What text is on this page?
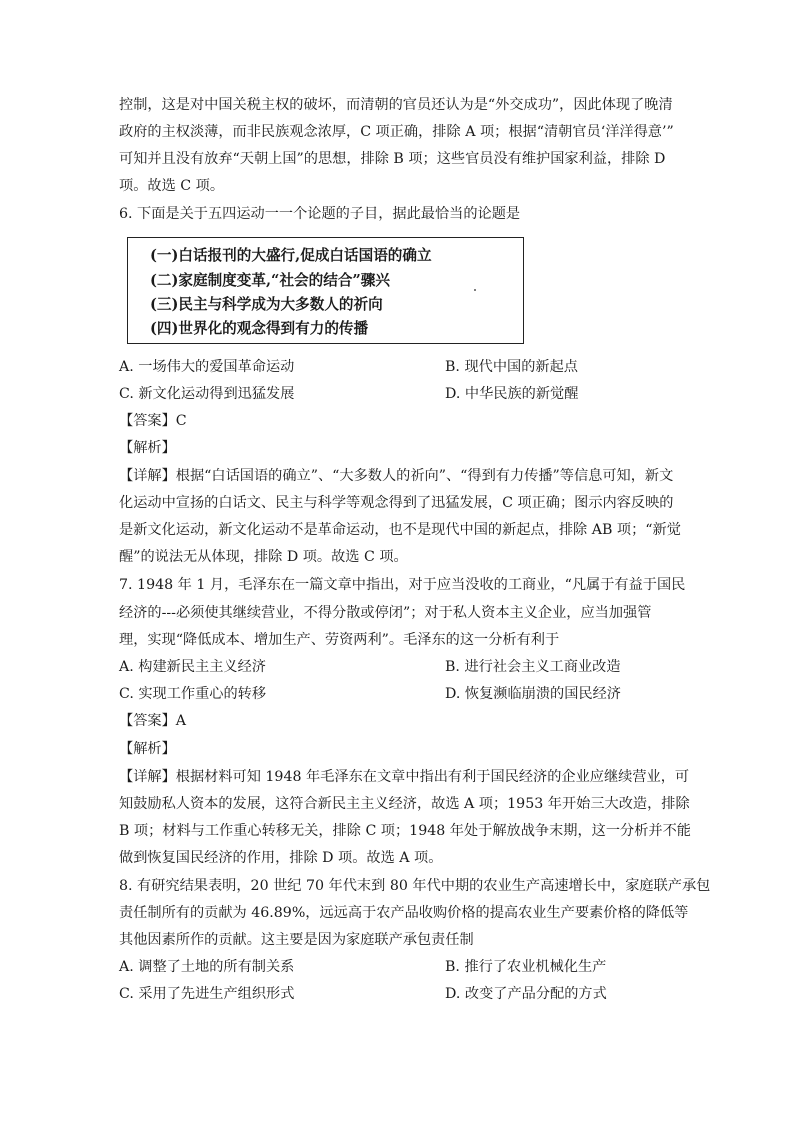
控制，这是对中国关税主权的破坏，而清朝的官员还认为是“外交成功”，因此体现了晚清
政府的主权淡薄，而非民族观念浓厚，C 项正确，排除 A 项；根据“清朝官员‘洋洋得意’”
可知并且没有放弃“天朝上国”的思想，排除 B 项；这些官员没有维护国家利益，排除 D
项。故选 C 项。
6. 下面是关于五四运动一一个论题的子目，据此最恰当的论题是
(一)白话报刊的大盛行,促成白话国语的确立
(二)家庭制度变革,“社会的结合”骤兴
(三)民主与科学成为大多数人的祈向
(四)世界化的观念得到有力的传播
A. 一场伟大的爱国革命运动	B. 现代中国的新起点
C. 新文化运动得到迅猛发展	D. 中华民族的新觉醒
【答案】C
【解析】
【详解】根据“白话国语的确立”、“大多数人的祈向”、“得到有力传播”等信息可知，新文
化运动中宣扬的白话文、民主与科学等观念得到了迅猛发展，C 项正确；图示内容反映的
是新文化运动，新文化运动不是革命运动，也不是现代中国的新起点，排除 AB 项；“新觉
醒”的说法无从体现，排除 D 项。故选 C 项。
7. 1948 年 1 月，毛泽东在一篇文章中指出，对于应当没收的工商业，“凡属于有益于国民
经济的---必须使其继续营业，不得分散或停闭”；对于私人资本主义企业，应当加强管
理，实现“降低成本、增加生产、劳资两利”。毛泽东的这一分析有利于
A. 构建新民主主义经济	B. 进行社会主义工商业改造
C. 实现工作重心的转移	D. 恢复濒临崩溃的国民经济
【答案】A
【解析】
【详解】根据材料可知 1948 年毛泽东在文章中指出有利于国民经济的企业应继续营业，可
知鼓励私人资本的发展，这符合新民主主义经济，故选 A 项；1953 年开始三大改造，排除
B 项；材料与工作重心转移无关，排除 C 项；1948 年处于解放战争末期，这一分析并不能
做到恢复国民经济的作用，排除 D 项。故选 A 项。
8. 有研究结果表明，20 世纪 70 年代末到 80 年代中期的农业生产高速增长中，家庭联产承包
责任制所有的贡献为 46.89%，远远高于农产品收购价格的提高农业生产要素价格的降低等
其他因素所作的贡献。这主要是因为家庭联产承包责任制
A. 调整了土地的所有制关系	B. 推行了农业机械化生产
C. 采用了先进生产组织形式	D. 改变了产品分配的方式
